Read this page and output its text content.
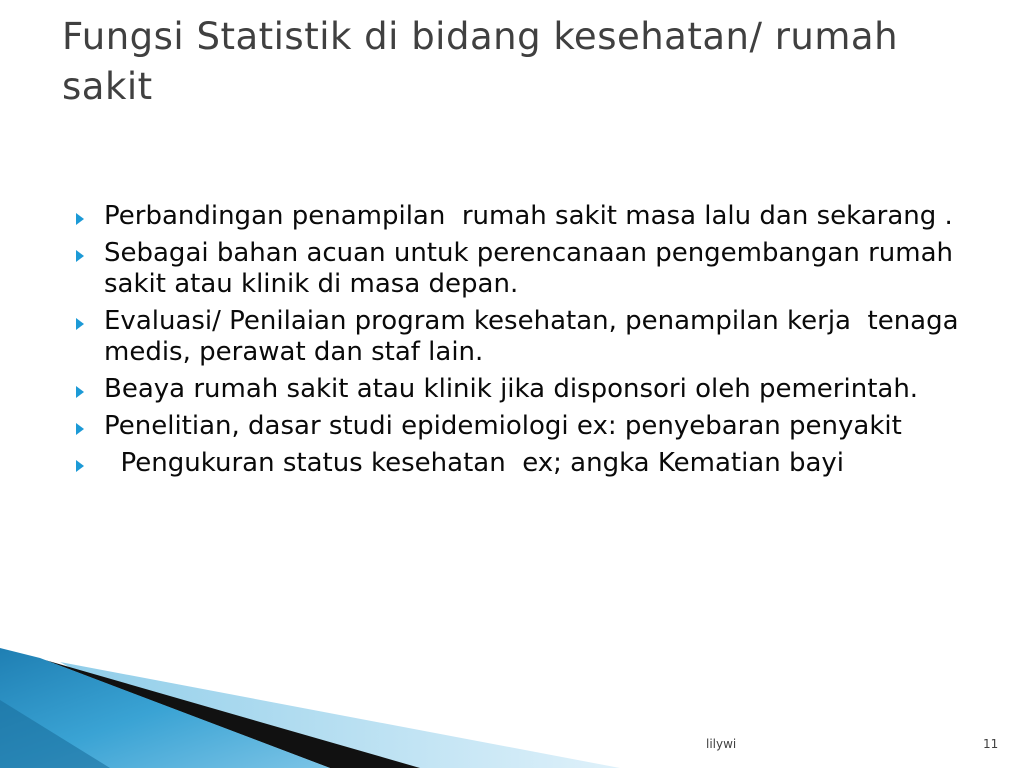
Fungsi Statistik di bidang kesehatan/ rumah sakit
Perbandingan penampilan  rumah sakit masa lalu dan sekarang .
Sebagai bahan acuan untuk perencanaan pengembangan rumah sakit atau klinik di masa depan.
Evaluasi/ Penilaian program kesehatan, penampilan kerja  tenaga medis, perawat dan staf lain.
Beaya rumah sakit atau klinik jika disponsori oleh pemerintah.
Penelitian, dasar studi epidemiologi ex: penyebaran penyakit
Pengukuran status kesehatan  ex; angka Kematian bayi
lilywi	11
